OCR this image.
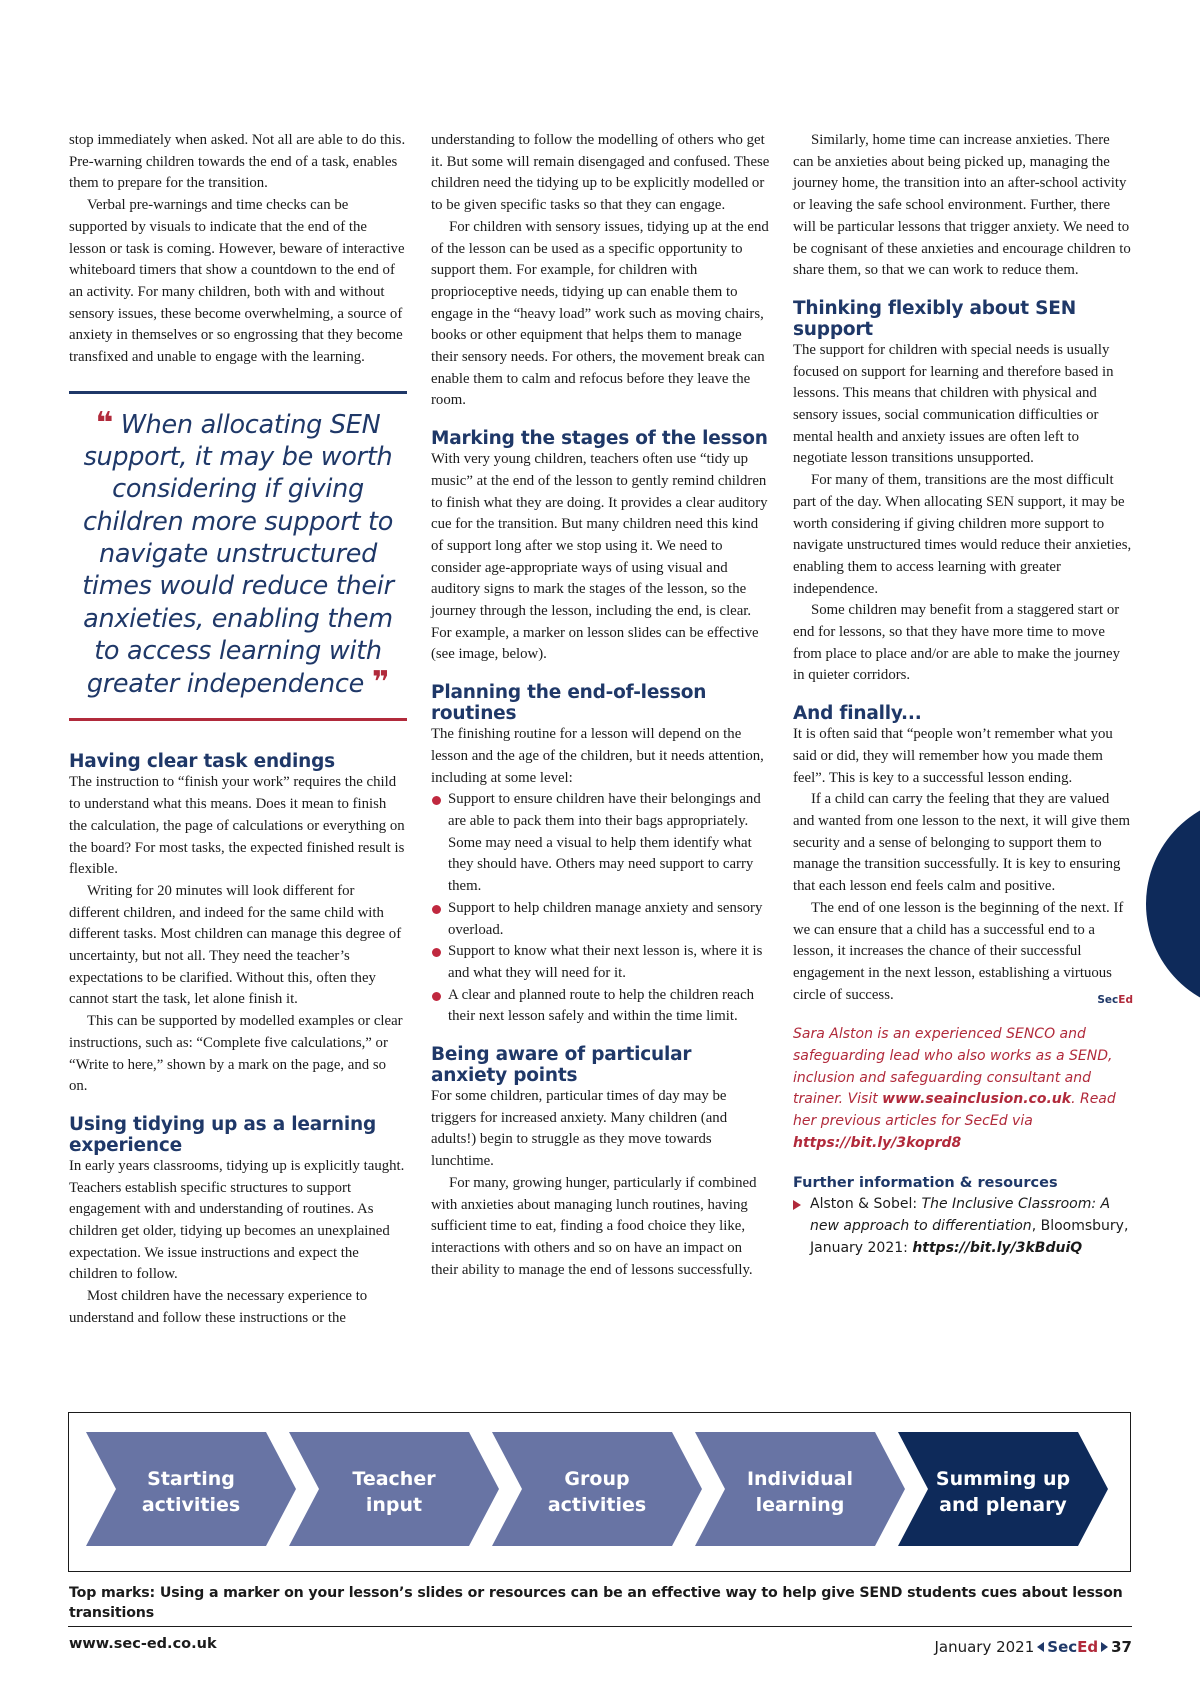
stop immediately when asked. Not all are able to do this. Pre-warning children towards the end of a task, enables them to prepare for the transition.

Verbal pre-warnings and time checks can be supported by visuals to indicate that the end of the lesson or task is coming. However, beware of interactive whiteboard timers that show a countdown to the end of an activity. For many children, both with and without sensory issues, these become overwhelming, a source of anxiety in themselves or so engrossing that they become transfixed and unable to engage with the learning.

❝ When allocating SEN support, it may be worth considering if giving children more support to navigate unstructured times would reduce their anxieties, enabling them to access learning with greater independence ❞
Having clear task endings

The instruction to “finish your work” requires the child to understand what this means. Does it mean to finish the calculation, the page of calculations or everything on the board? For most tasks, the expected finished result is flexible.

Writing for 20 minutes will look different for different children, and indeed for the same child with different tasks. Most children can manage this degree of uncertainty, but not all. They need the teacher’s expectations to be clarified. Without this, often they cannot start the task, let alone finish it.

This can be supported by modelled examples or clear instructions, such as: “Complete five calculations,” or “Write to here,” shown by a mark on the page, and so on.

Using tidying up as a learning experience

In early years classrooms, tidying up is explicitly taught. Teachers establish specific structures to support engagement with and understanding of routines. As children get older, tidying up becomes an unexplained expectation. We issue instructions and expect the children to follow.

Most children have the necessary experience to understand and follow these instructions or the

understanding to follow the modelling of others who get it. But some will remain disengaged and confused. These children need the tidying up to be explicitly modelled or to be given specific tasks so that they can engage.

For children with sensory issues, tidying up at the end of the lesson can be used as a specific opportunity to support them. For example, for children with proprioceptive needs, tidying up can enable them to engage in the “heavy load” work such as moving chairs, books or other equipment that helps them to manage their sensory needs. For others, the movement break can enable them to calm and refocus before they leave the room.

Marking the stages of the lesson

With very young children, teachers often use “tidy up music” at the end of the lesson to gently remind children to finish what they are doing. It provides a clear auditory cue for the transition. But many children need this kind of support long after we stop using it. We need to consider age-appropriate ways of using visual and auditory signs to mark the stages of the lesson, so the journey through the lesson, including the end, is clear. For example, a marker on lesson slides can be effective (see image, below).

Planning the end-of-lesson routines

The finishing routine for a lesson will depend on the lesson and the age of the children, but it needs attention, including at some level:

Support to ensure children have their belongings and are able to pack them into their bags appropriately. Some may need a visual to help them identify what they should have. Others may need support to carry them.
Support to help children manage anxiety and sensory overload.
Support to know what their next lesson is, where it is and what they will need for it.
A clear and planned route to help the children reach their next lesson safely and within the time limit.
Being aware of particular anxiety points

For some children, particular times of day may be triggers for increased anxiety. Many children (and adults!) begin to struggle as they move towards lunchtime.

For many, growing hunger, particularly if combined with anxieties about managing lunch routines, having sufficient time to eat, finding a food choice they like, interactions with others and so on have an impact on their ability to manage the end of lessons successfully.

Similarly, home time can increase anxieties. There can be anxieties about being picked up, managing the journey home, the transition into an after-school activity or leaving the safe school environment. Further, there will be particular lessons that trigger anxiety. We need to be cognisant of these anxieties and encourage children to share them, so that we can work to reduce them.

Thinking flexibly about SEN support

The support for children with special needs is usually focused on support for learning and therefore based in lessons. This means that children with physical and sensory issues, social communication difficulties or mental health and anxiety issues are often left to negotiate lesson transitions unsupported.

For many of them, transitions are the most difficult part of the day. When allocating SEN support, it may be worth considering if giving children more support to navigate unstructured times would reduce their anxieties, enabling them to access learning with greater independence.

Some children may benefit from a staggered start or end for lessons, so that they have more time to move from place to place and/or are able to make the journey in quieter corridors.

And finally...

It is often said that “people won’t remember what you said or did, they will remember how you made them feel”. This is key to a successful lesson ending.

If a child can carry the feeling that they are valued and wanted from one lesson to the next, it will give them security and a sense of belonging to support them to manage the transition successfully. It is key to ensuring that each lesson end feels calm and positive.

The end of one lesson is the beginning of the next. If we can ensure that a child has a successful end to a lesson, it increases the chance of their successful engagement in the next lesson, establishing a virtuous circle of success.	SecEd

Sara Alston is an experienced SENCO and safeguarding lead who also works as a SEND, inclusion and safeguarding consultant and trainer. Visit www.seainclusion.co.uk. Read her previous articles for SecEd via https://bit.ly/3koprd8

Further information & resources
Alston & Sobel: The Inclusive Classroom: A new approach to differentiation, Bloomsbury, January 2021: https://bit.ly/3kBduiQ
Starting
activities
Teacher
input
Group
activities
Individual
learning
Summing up
and plenary
Top marks: Using a marker on your lesson’s slides or resources can be an effective way to help give SEND students cues about lesson transitions
www.sec-ed.co.uk	January 2021 SecEd 37
